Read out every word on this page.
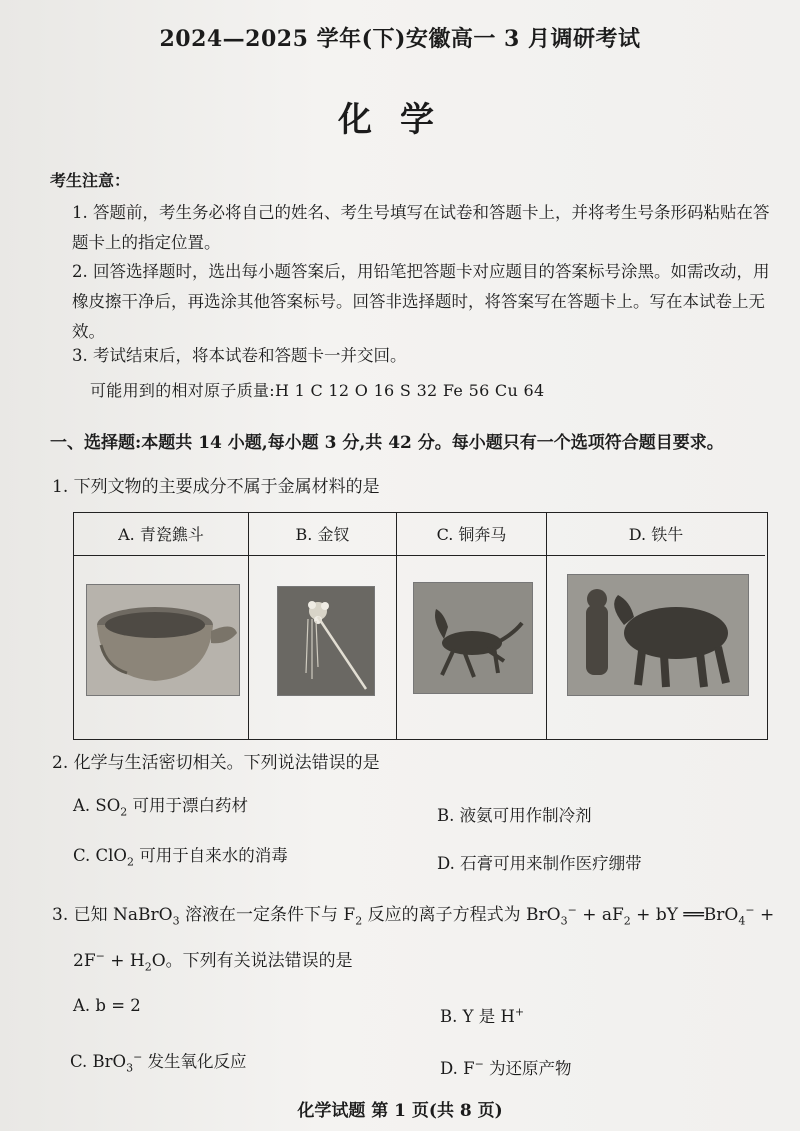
2024—2025 学年(下)安徽高一 3 月调研考试
化学
考生注意：
1. 答题前，考生务必将自己的姓名、考生号填写在试卷和答题卡上，并将考生号条形码粘贴在答题卡上的指定位置。
2. 回答选择题时，选出每小题答案后，用铅笔把答题卡对应题目的答案标号涂黑。如需改动，用橡皮擦干净后，再选涂其他答案标号。回答非选择题时，将答案写在答题卡上。写在本试卷上无效。
3. 考试结束后，将本试卷和答题卡一并交回。
可能用到的相对原子质量:H 1 C 12 O 16 S 32 Fe 56 Cu 64
一、选择题:本题共 14 小题,每小题 3 分,共 42 分。每小题只有一个选项符合题目要求。
1. 下列文物的主要成分不属于金属材料的是
A. 青瓷鐎斗	B. 金钗	C. 铜奔马	D. 铁牛
2. 化学与生活密切相关。下列说法错误的是
A. $SO_2$ 可用于漂白药材
B. 液氨可用作制冷剂
C. ClO$_2$ 可用于自来水的消毒	D. 石膏可用来制作医疗绷带
3. 已知 NaBrO$_3$ 溶液在一定条件下与 $F_2$ 反应的离子方程式为 $BrO_3^- + aF_2$ + bY ══BrO$_4$− +
$2F^- + H_2O$。下列有关说法错误的是
A. b = 2
B. Y 是 H+
C. BrO$_3$− 发生氧化反应	D. F− 为还原产物
化学试题 第 1 页(共 8 页)
